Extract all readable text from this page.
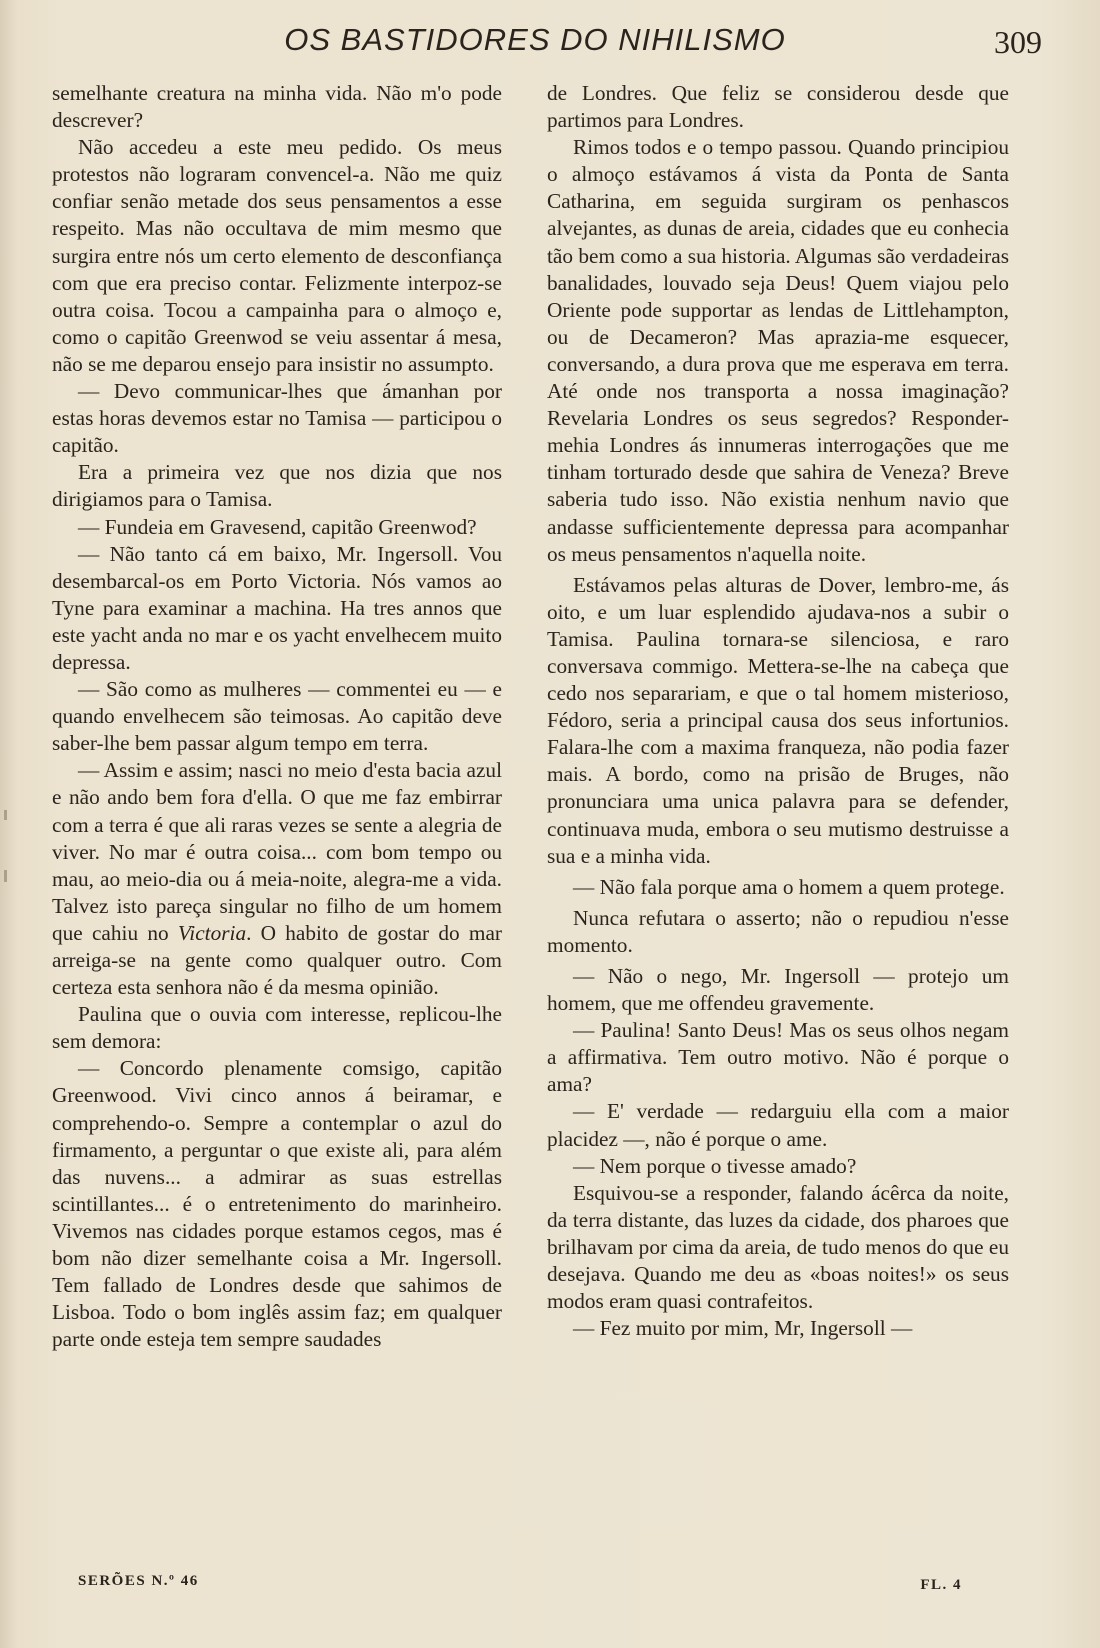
OS BASTIDORES DO NIHILISMO	309

semelhante creatura na minha vida. Não m'o pode descrever?

Não accedeu a este meu pedido. Os meus protestos não lograram convencel-a. Não me quiz confiar senão metade dos seus pensamentos a esse respeito. Mas não occultava de mim mesmo que surgira entre nós um certo elemento de desconfiança com que era preciso contar. Felizmente interpoz-se outra coisa. Tocou a campainha para o almoço e, como o capitão Greenwod se veiu assentar á mesa, não se me deparou ensejo para insistir no assumpto.

— Devo communicar-lhes que ámanhan por estas horas devemos estar no Tamisa — participou o capitão.

Era a primeira vez que nos dizia que nos dirigiamos para o Tamisa.

— Fundeia em Gravesend, capitão Greenwod?

— Não tanto cá em baixo, Mr. Ingersoll. Vou desembarcal-os em Porto Victoria. Nós vamos ao Tyne para examinar a machina. Ha tres annos que este yacht anda no mar e os yacht envelhecem muito depressa.

— São como as mulheres — commentei eu — e quando envelhecem são teimosas. Ao capitão deve saber-lhe bem passar algum tempo em terra.

— Assim e assim; nasci no meio d'esta bacia azul e não ando bem fora d'ella. O que me faz embirrar com a terra é que ali raras vezes se sente a alegria de viver. No mar é outra coisa... com bom tempo ou mau, ao meio-dia ou á meia-noite, alegra-me a vida. Talvez isto pareça singular no filho de um homem que cahiu no Victoria. O habito de gostar do mar arreiga-se na gente como qualquer outro. Com certeza esta senhora não é da mesma opinião.

Paulina que o ouvia com interesse, replicou-lhe sem demora:

— Concordo plenamente comsigo, capitão Greenwood. Vivi cinco annos á beiramar, e comprehendo-o. Sempre a contemplar o azul do firmamento, a perguntar o que existe ali, para além das nuvens... a admirar as suas estrellas scintillantes... é o entretenimento do marinheiro. Vivemos nas cidades porque estamos cegos, mas é bom não dizer semelhante coisa a Mr. Ingersoll. Tem fallado de Londres desde que sahimos de Lisboa. Todo o bom inglês assim faz; em qualquer parte onde esteja tem sempre saudades

de Londres. Que feliz se considerou desde que partimos para Londres.

Rimos todos e o tempo passou. Quando principiou o almoço estávamos á vista da Ponta de Santa Catharina, em seguida surgiram os penhascos alvejantes, as dunas de areia, cidades que eu conhecia tão bem como a sua historia. Algumas são verdadeiras banalidades, louvado seja Deus! Quem viajou pelo Oriente pode supportar as lendas de Littlehampton, ou de Decameron? Mas aprazia-me esquecer, conversando, a dura prova que me esperava em terra. Até onde nos transporta a nossa imaginação? Revelaria Londres os seus segredos? Responder-mehia Londres ás innumeras interrogações que me tinham torturado desde que sahira de Veneza? Breve saberia tudo isso. Não existia nenhum navio que andasse sufficientemente depressa para acompanhar os meus pensamentos n'aquella noite.

Estávamos pelas alturas de Dover, lembro-me, ás oito, e um luar esplendido ajudava-nos a subir o Tamisa. Paulina tornara-se silenciosa, e raro conversava commigo. Mettera-se-lhe na cabeça que cedo nos separariam, e que o tal homem misterioso, Fédoro, seria a principal causa dos seus infortunios. Falara-lhe com a maxima franqueza, não podia fazer mais. A bordo, como na prisão de Bruges, não pronunciara uma unica palavra para se defender, continuava muda, embora o seu mutismo destruisse a sua e a minha vida.

— Não fala porque ama o homem a quem protege.

Nunca refutara o asserto; não o repudiou n'esse momento.

— Não o nego, Mr. Ingersoll — protejo um homem, que me offendeu gravemente.

— Paulina! Santo Deus! Mas os seus olhos negam a affirmativa. Tem outro motivo. Não é porque o ama?

— E' verdade — redarguiu ella com a maior placidez —, não é porque o ame.

— Nem porque o tivesse amado?

Esquivou-se a responder, falando ácêrca da noite, da terra distante, das luzes da cidade, dos pharoes que brilhavam por cima da areia, de tudo menos do que eu desejava. Quando me deu as «boas noites!» os seus modos eram quasi contrafeitos.

— Fez muito por mim, Mr, Ingersoll —

SERÕES N.º 46	FL. 4
